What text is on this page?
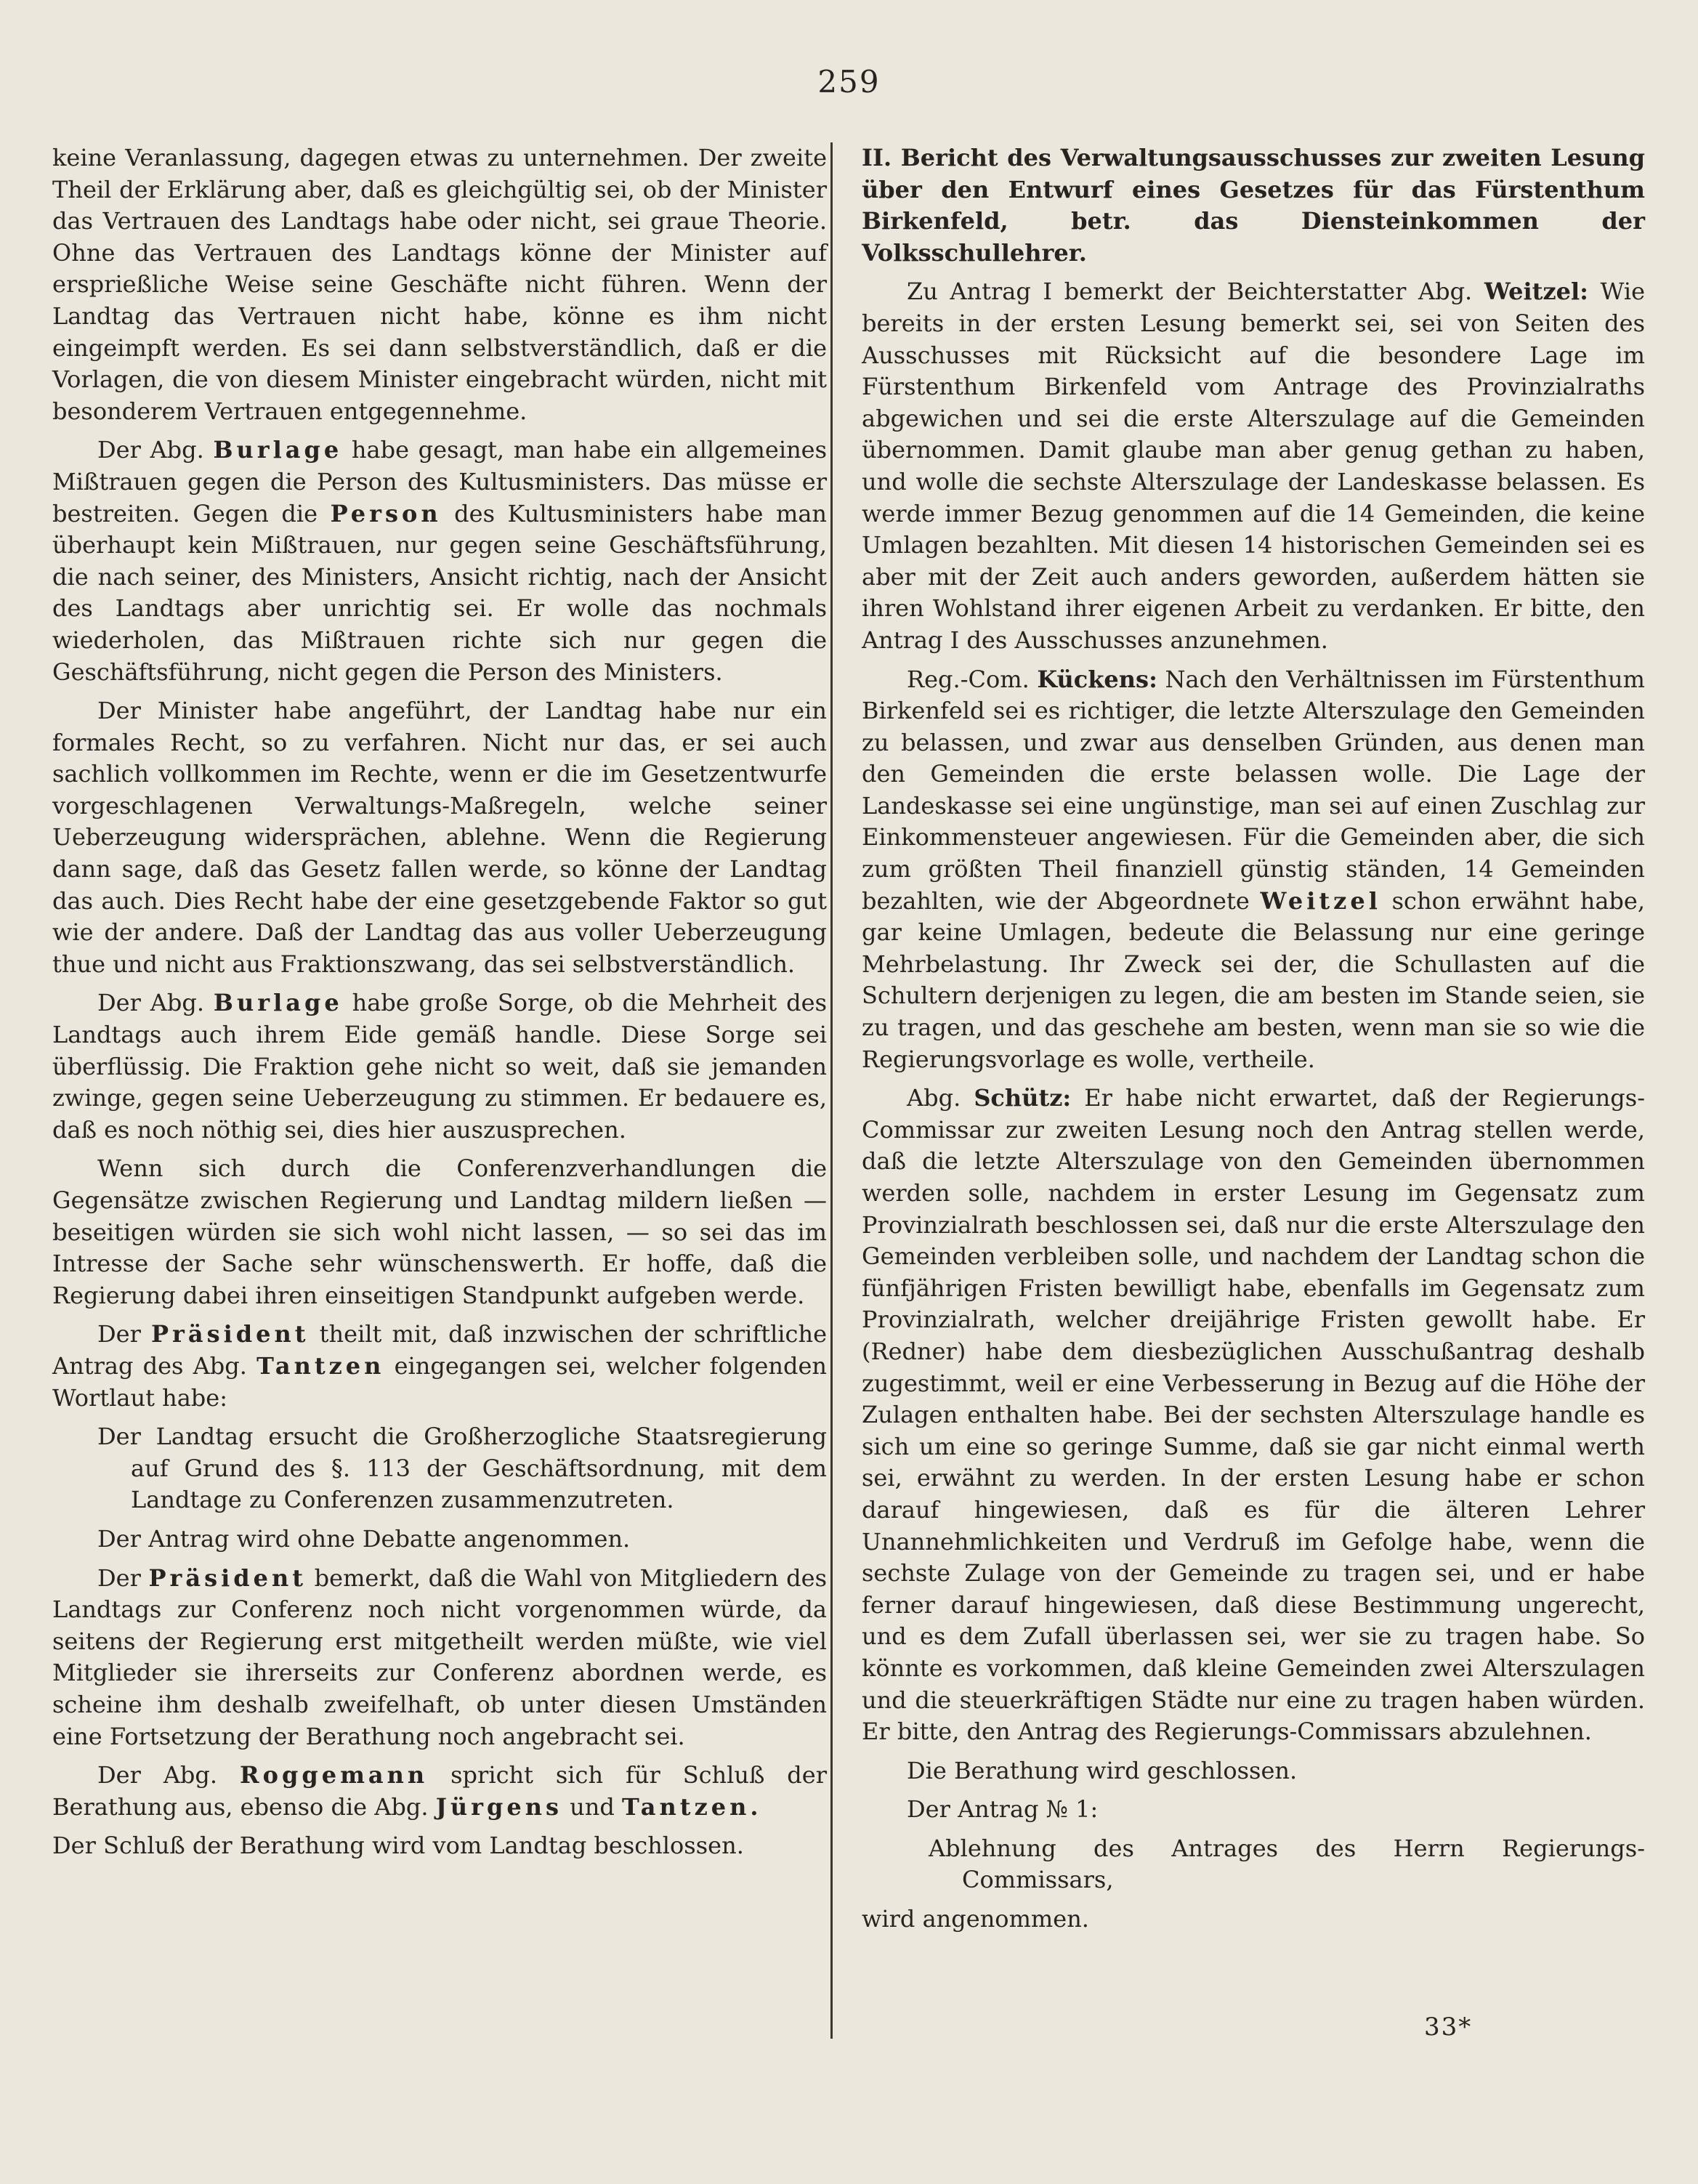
259

keine Veranlassung, dagegen etwas zu unternehmen. Der zweite Theil der Erklärung aber, daß es gleichgültig sei, ob der Minister das Vertrauen des Landtags habe oder nicht, sei graue Theorie. Ohne das Vertrauen des Landtags könne der Minister auf ersprießliche Weise seine Geschäfte nicht führen. Wenn der Landtag das Vertrauen nicht habe, könne es ihm nicht eingeimpft werden. Es sei dann selbstverständlich, daß er die Vorlagen, die von diesem Minister eingebracht würden, nicht mit besonderem Vertrauen entgegennehme.

Der Abg. Burlage habe gesagt, man habe ein allgemeines Mißtrauen gegen die Person des Kultusministers. Das müsse er bestreiten. Gegen die Person des Kultusministers habe man überhaupt kein Mißtrauen, nur gegen seine Geschäftsführung, die nach seiner, des Ministers, Ansicht richtig, nach der Ansicht des Landtags aber unrichtig sei. Er wolle das nochmals wiederholen, das Mißtrauen richte sich nur gegen die Geschäftsführung, nicht gegen die Person des Ministers.

Der Minister habe angeführt, der Landtag habe nur ein formales Recht, so zu verfahren. Nicht nur das, er sei auch sachlich vollkommen im Rechte, wenn er die im Gesetzentwurfe vorgeschlagenen Verwaltungs-Maßregeln, welche seiner Ueberzeugung widersprächen, ablehne. Wenn die Regierung dann sage, daß das Gesetz fallen werde, so könne der Landtag das auch. Dies Recht habe der eine gesetzgebende Faktor so gut wie der andere. Daß der Landtag das aus voller Ueberzeugung thue und nicht aus Fraktionszwang, das sei selbstverständlich.

Der Abg. Burlage habe große Sorge, ob die Mehrheit des Landtags auch ihrem Eide gemäß handle. Diese Sorge sei überflüssig. Die Fraktion gehe nicht so weit, daß sie jemanden zwinge, gegen seine Ueberzeugung zu stimmen. Er bedauere es, daß es noch nöthig sei, dies hier auszusprechen.

Wenn sich durch die Conferenzverhandlungen die Gegensätze zwischen Regierung und Landtag mildern ließen — beseitigen würden sie sich wohl nicht lassen, — so sei das im Intresse der Sache sehr wünschenswerth. Er hoffe, daß die Regierung dabei ihren einseitigen Standpunkt aufgeben werde.

Der Präsident theilt mit, daß inzwischen der schriftliche Antrag des Abg. Tantzen eingegangen sei, welcher folgenden Wortlaut habe:

Der Landtag ersucht die Großherzogliche Staatsregierung auf Grund des §. 113 der Geschäftsordnung, mit dem Landtage zu Conferenzen zusammenzutreten.

Der Antrag wird ohne Debatte angenommen.

Der Präsident bemerkt, daß die Wahl von Mitgliedern des Landtags zur Conferenz noch nicht vorgenommen würde, da seitens der Regierung erst mitgetheilt werden müßte, wie viel Mitglieder sie ihrerseits zur Conferenz abordnen werde, es scheine ihm deshalb zweifelhaft, ob unter diesen Umständen eine Fortsetzung der Berathung noch angebracht sei.

Der Abg. Roggemann spricht sich für Schluß der Berathung aus, ebenso die Abg. Jürgens und Tantzen.

Der Schluß der Berathung wird vom Landtag beschlossen.

II. Bericht des Verwaltungsausschusses zur zweiten Lesung über den Entwurf eines Gesetzes für das Fürstenthum Birkenfeld, betr. das Diensteinkommen der Volksschullehrer.

Zu Antrag I bemerkt der Beichterstatter Abg. Weitzel: Wie bereits in der ersten Lesung bemerkt sei, sei von Seiten des Ausschusses mit Rücksicht auf die besondere Lage im Fürstenthum Birkenfeld vom Antrage des Provinzialraths abgewichen und sei die erste Alterszulage auf die Gemeinden übernommen. Damit glaube man aber genug gethan zu haben, und wolle die sechste Alterszulage der Landeskasse belassen. Es werde immer Bezug genommen auf die 14 Gemeinden, die keine Umlagen bezahlten. Mit diesen 14 historischen Gemeinden sei es aber mit der Zeit auch anders geworden, außerdem hätten sie ihren Wohlstand ihrer eigenen Arbeit zu verdanken. Er bitte, den Antrag I des Ausschusses anzunehmen.

Reg.-Com. Kückens: Nach den Verhältnissen im Fürstenthum Birkenfeld sei es richtiger, die letzte Alterszulage den Gemeinden zu belassen, und zwar aus denselben Gründen, aus denen man den Gemeinden die erste belassen wolle. Die Lage der Landeskasse sei eine ungünstige, man sei auf einen Zuschlag zur Einkommensteuer angewiesen. Für die Gemeinden aber, die sich zum größten Theil finanziell günstig ständen, 14 Gemeinden bezahlten, wie der Abgeordnete Weitzel schon erwähnt habe, gar keine Umlagen, bedeute die Belassung nur eine geringe Mehrbelastung. Ihr Zweck sei der, die Schullasten auf die Schultern derjenigen zu legen, die am besten im Stande seien, sie zu tragen, und das geschehe am besten, wenn man sie so wie die Regierungsvorlage es wolle, vertheile.

Abg. Schütz: Er habe nicht erwartet, daß der Regierungs-Commissar zur zweiten Lesung noch den Antrag stellen werde, daß die letzte Alterszulage von den Gemeinden übernommen werden solle, nachdem in erster Lesung im Gegensatz zum Provinzialrath beschlossen sei, daß nur die erste Alterszulage den Gemeinden verbleiben solle, und nachdem der Landtag schon die fünfjährigen Fristen bewilligt habe, ebenfalls im Gegensatz zum Provinzialrath, welcher dreijährige Fristen gewollt habe. Er (Redner) habe dem diesbezüglichen Ausschußantrag deshalb zugestimmt, weil er eine Verbesserung in Bezug auf die Höhe der Zulagen enthalten habe. Bei der sechsten Alterszulage handle es sich um eine so geringe Summe, daß sie gar nicht einmal werth sei, erwähnt zu werden. In der ersten Lesung habe er schon darauf hingewiesen, daß es für die älteren Lehrer Unannehmlichkeiten und Verdruß im Gefolge habe, wenn die sechste Zulage von der Gemeinde zu tragen sei, und er habe ferner darauf hingewiesen, daß diese Bestimmung ungerecht, und es dem Zufall überlassen sei, wer sie zu tragen habe. So könnte es vorkommen, daß kleine Gemeinden zwei Alterszulagen und die steuerkräftigen Städte nur eine zu tragen haben würden. Er bitte, den Antrag des Regierungs-Commissars abzulehnen.

Die Berathung wird geschlossen.

Der Antrag № 1:

Ablehnung des Antrages des Herrn Regierungs-Commissars,

wird angenommen.

33*
